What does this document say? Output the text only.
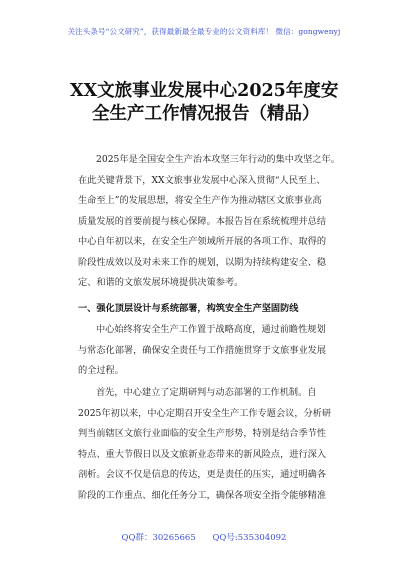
关注头条号“公文研究”，获得最新最全最专业的公文资料库！ 微信：gongwenyj
XX文旅事业发展中心2025年度安
全生产工作情况报告（精品）
2025年是全国安全生产治本攻坚三年行动的集中攻坚之年。
在此关键背景下，XX文旅事业发展中心深入贯彻“人民至上、
生命至上”的发展思想，将安全生产作为推动辖区文旅事业高
质量发展的首要前提与核心保障。本报告旨在系统梳理并总结
中心自年初以来，在安全生产领域所开展的各项工作、取得的
阶段性成效以及对未来工作的规划，以期为持续构建安全、稳
定、和谐的文旅发展环境提供决策参考。
一、强化顶层设计与系统部署，构筑安全生产坚固防线
中心始终将安全生产工作置于战略高度，通过前瞻性规划
与常态化部署，确保安全责任与工作措施贯穿于文旅事业发展
的全过程。
首先，中心建立了定期研判与动态部署的工作机制。自
2025年初以来，中心定期召开安全生产工作专题会议，分析研
判当前辖区文旅行业面临的安全生产形势，特别是结合季节性
特点、重大节假日以及文旅新业态带来的新风险点，进行深入
剖析。会议不仅是信息的传达，更是责任的压实，通过明确各
阶段的工作重点、细化任务分工，确保各项安全指令能够精准
QQ群：30265665 QQ号:535304092
